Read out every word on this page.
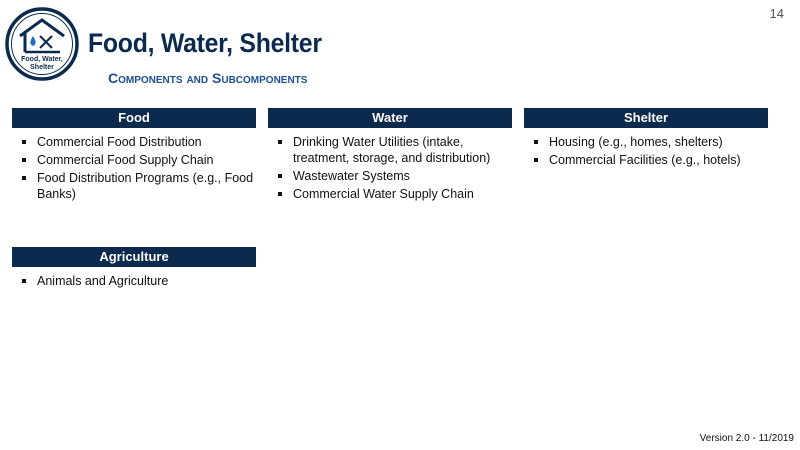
14
Food, Water,
Shelter
Food, Water, Shelter
Components and Subcomponents
Food
Commercial Food Distribution
Commercial Food Supply Chain
Food Distribution Programs (e.g., Food Banks)
Water
Drinking Water Utilities (intake, treatment, storage, and distribution)
Wastewater Systems
Commercial Water Supply Chain
Shelter
Housing (e.g., homes, shelters)
Commercial Facilities (e.g., hotels)
Agriculture
Animals and Agriculture
Version 2.0 - 11/2019
